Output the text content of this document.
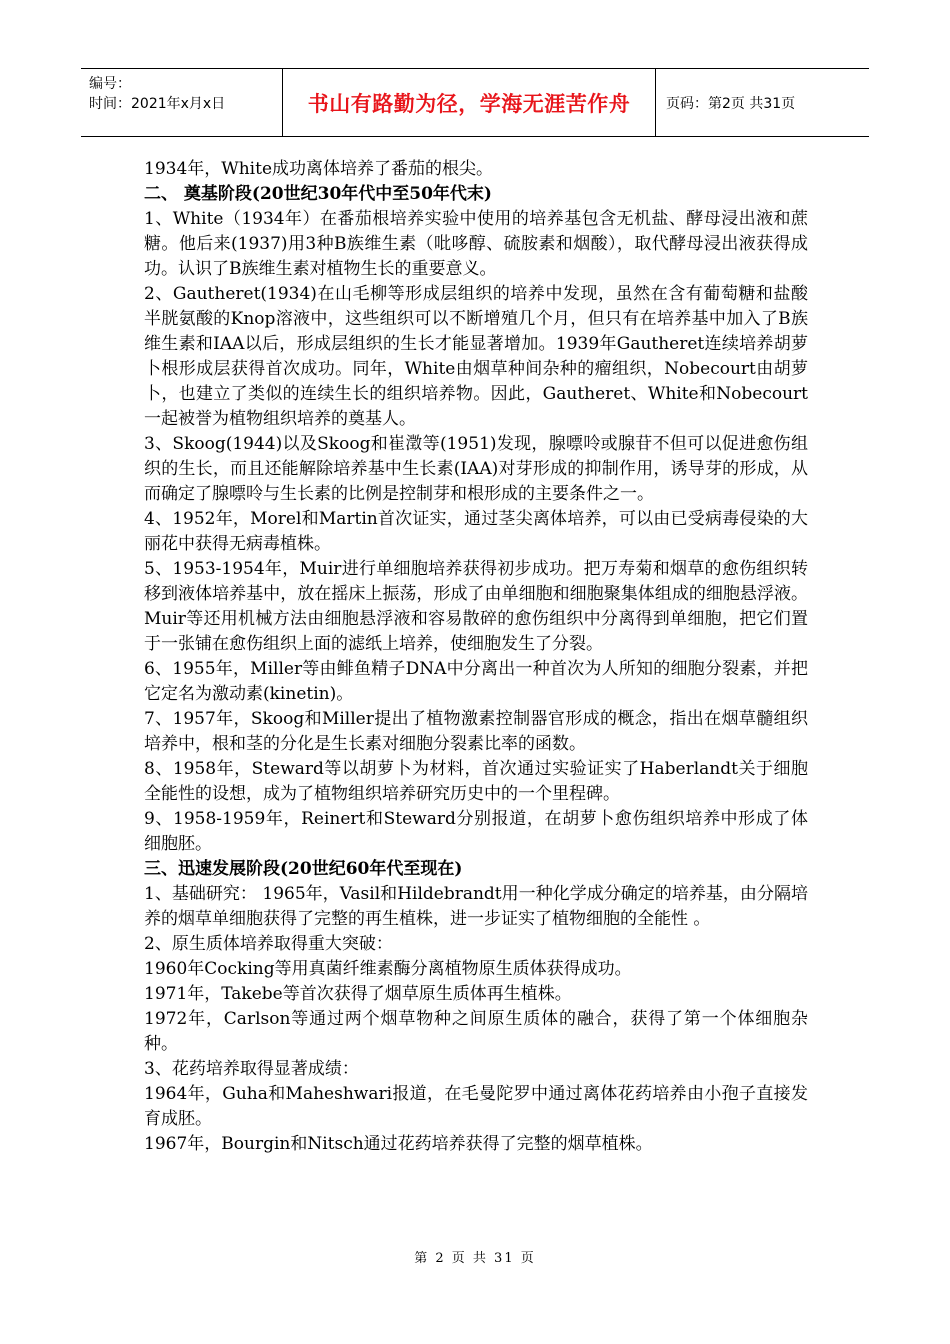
编号：
时间：2021年x月x日	书山有路勤为径，学海无涯苦作舟	页码：第2页 共31页

1934年，White成功离体培养了番茄的根尖。

二、 奠基阶段(20世纪30年代中至50年代末)

1、White（1934年）在番茄根培养实验中使用的培养基包含无机盐、酵母浸出液和蔗糖。他后来(1937)用3种B族维生素（吡哆醇、硫胺素和烟酸），取代酵母浸出液获得成功。认识了B族维生素对植物生长的重要意义。

2、Gautheret(1934)在山毛柳等形成层组织的培养中发现，虽然在含有葡萄糖和盐酸半胱氨酸的Knop溶液中，这些组织可以不断增殖几个月，但只有在培养基中加入了B族维生素和IAA以后，形成层组织的生长才能显著增加。1939年Gautheret连续培养胡萝卜根形成层获得首次成功。同年，White由烟草种间杂种的瘤组织，Nobecourt由胡萝卜，也建立了类似的连续生长的组织培养物。因此，Gautheret、White和Nobecourt一起被誉为植物组织培养的奠基人。

3、Skoog(1944)以及Skoog和崔澂等(1951)发现，腺嘌呤或腺苷不但可以促进愈伤组织的生长，而且还能解除培养基中生长素(IAA)对芽形成的抑制作用，诱导芽的形成，从而确定了腺嘌呤与生长素的比例是控制芽和根形成的主要条件之一。

4、1952年，Morel和Martin首次证实，通过茎尖离体培养，可以由已受病毒侵染的大丽花中获得无病毒植株。

5、1953-1954年，Muir进行单细胞培养获得初步成功。把万寿菊和烟草的愈伤组织转移到液体培养基中，放在摇床上振荡，形成了由单细胞和细胞聚集体组成的细胞悬浮液。Muir等还用机械方法由细胞悬浮液和容易散碎的愈伤组织中分离得到单细胞，把它们置于一张铺在愈伤组织上面的滤纸上培养，使细胞发生了分裂。

6、1955年，Miller等由鲱鱼精子DNA中分离出一种首次为人所知的细胞分裂素，并把它定名为激动素(kinetin)。

7、1957年，Skoog和Miller提出了植物激素控制器官形成的概念，指出在烟草髓组织培养中，根和茎的分化是生长素对细胞分裂素比率的函数。

8、1958年，Steward等以胡萝卜为材料，首次通过实验证实了Haberlandt关于细胞全能性的设想，成为了植物组织培养研究历史中的一个里程碑。

9、1958-1959年，Reinert和Steward分别报道，在胡萝卜愈伤组织培养中形成了体细胞胚。

三、迅速发展阶段(20世纪60年代至现在)

1、基础研究： 1965年，Vasil和Hildebrandt用一种化学成分确定的培养基，由分隔培养的烟草单细胞获得了完整的再生植株，进一步证实了植物细胞的全能性 。

2、原生质体培养取得重大突破：

1960年Cocking等用真菌纤维素酶分离植物原生质体获得成功。

1971年，Takebe等首次获得了烟草原生质体再生植株。

1972年，Carlson等通过两个烟草物种之间原生质体的融合，获得了第一个体细胞杂种。

3、花药培养取得显著成绩：

1964年，Guha和Maheshwari报道，在毛曼陀罗中通过离体花药培养由小孢子直接发育成胚。

1967年，Bourgin和Nitsch通过花药培养获得了完整的烟草植株。

第 2 页 共 31 页
